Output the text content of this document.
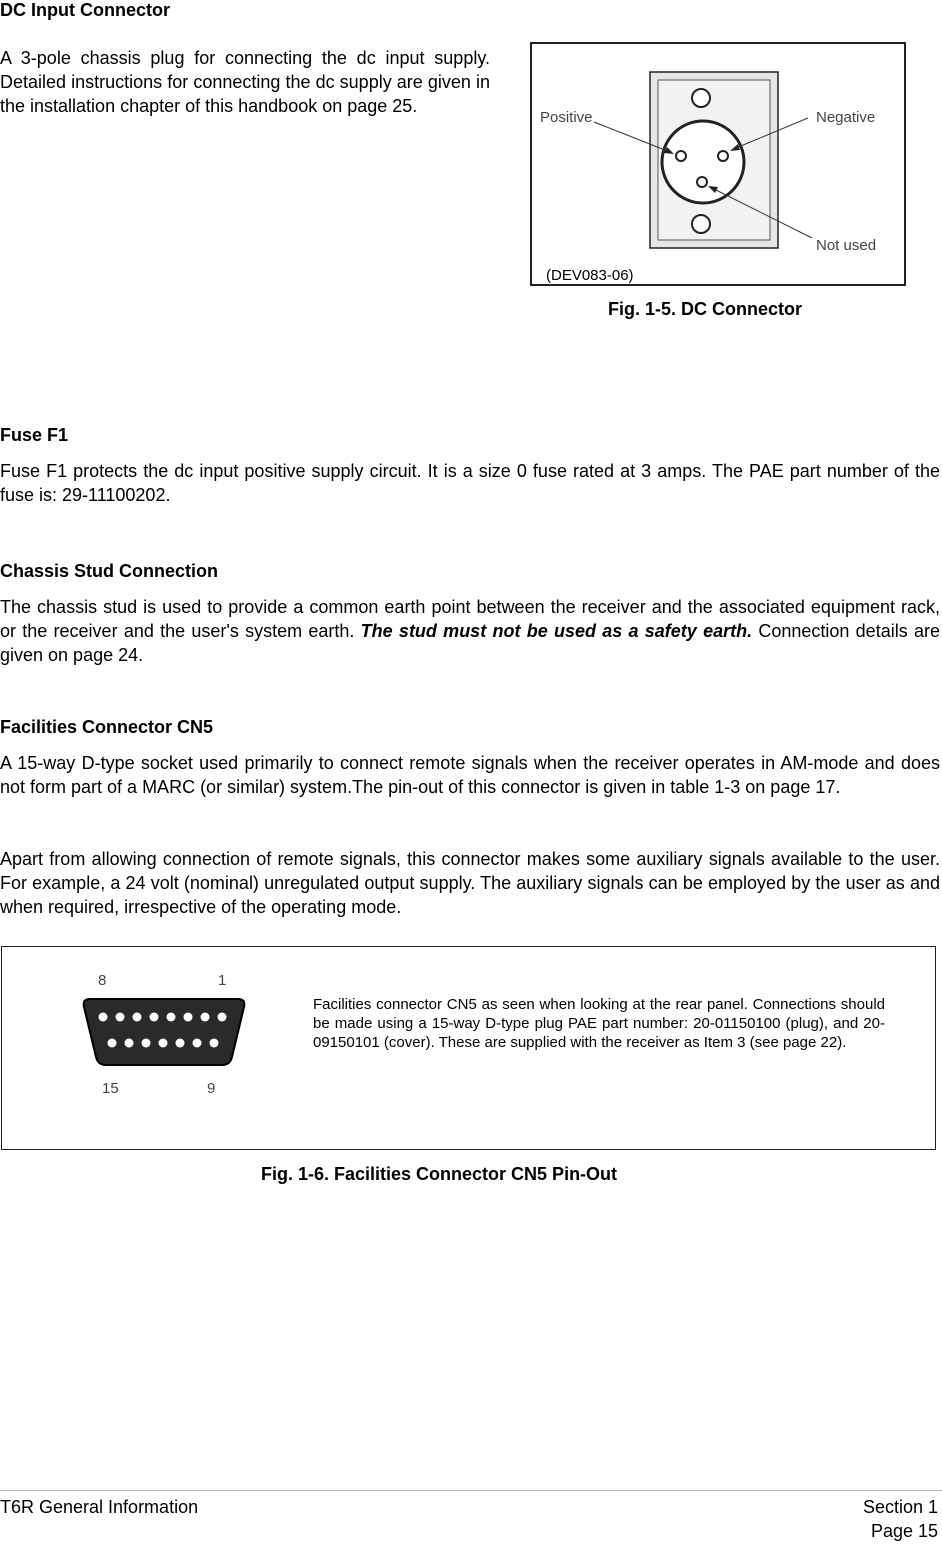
DC Input Connector
A 3-pole chassis plug for connecting the dc input supply. Detailed instructions for connecting the dc supply are given in the installation chapter of this handbook on page 25.
Positive	Negative
Not used
(DEV083-06)
Fig. 1-5. DC Connector
Fuse F1
Fuse F1 protects the dc input positive supply circuit. It is a size 0 fuse rated at 3 amps. The PAE part number of the fuse is: 29-11100202.
Chassis Stud Connection
The chassis stud is used to provide a common earth point between the receiver and the associated equipment rack, or the receiver and the user's system earth. The stud must not be used as a safety earth. Connection details are given on page 24.
Facilities Connector CN5
A 15-way D-type socket used primarily to connect remote signals when the receiver operates in AM-mode and does not form part of a MARC (or similar) system.The pin-out of this connector is given in table 1-3 on page 17.
Apart from allowing connection of remote signals, this connector makes some auxiliary signals available to the user. For example, a 24 volt (nominal) unregulated output supply. The auxiliary signals can be employed by the user as and when required, irrespective of the operating mode.
8	1
15	9
Facilities connector CN5 as seen when looking at the rear panel. Connections should be made using a 15-way D-type plug PAE part number: 20-01150100 (plug), and 20-09150101 (cover). These are supplied with the receiver as Item 3 (see page 22).
Fig. 1-6. Facilities Connector CN5 Pin-Out
T6R General Information	Section 1
Page 15
